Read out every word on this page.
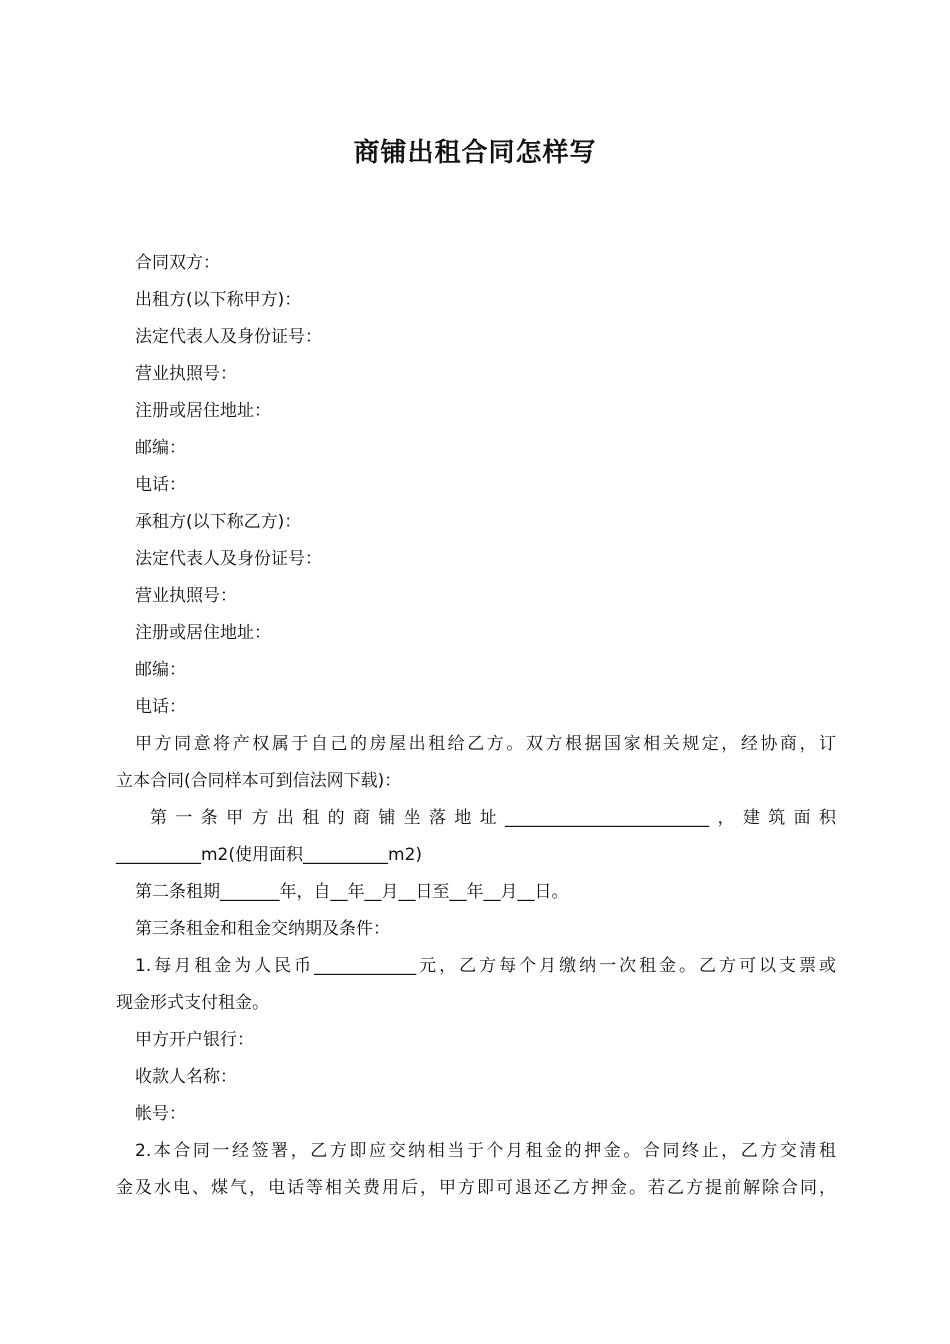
商铺出租合同怎样写

合同双方：

出租方(以下称甲方)：

法定代表人及身份证号：

营业执照号：

注册或居住地址：

邮编：

电话：

承租方(以下称乙方)：

法定代表人及身份证号：

营业执照号：

注册或居住地址：

邮编：

电话：

甲方同意将产权属于自己的房屋出租给乙方。双方根据国家相关规定，经协商，订

立本合同(合同样本可到信法网下载)：

第一条甲方出租的商铺坐落地址________________________，建筑面积

__________m2(使用面积__________m2)

第二条租期_______年，自__年__月__日至__年__月__日。

第三条租金和租金交纳期及条件：

1.每月租金为人民币____________元，乙方每个月缴纳一次租金。乙方可以支票或

现金形式支付租金。

甲方开户银行：

收款人名称：

帐号：

2.本合同一经签署，乙方即应交纳相当于个月租金的押金。合同终止，乙方交清租

金及水电、煤气，电话等相关费用后，甲方即可退还乙方押金。若乙方提前解除合同，
